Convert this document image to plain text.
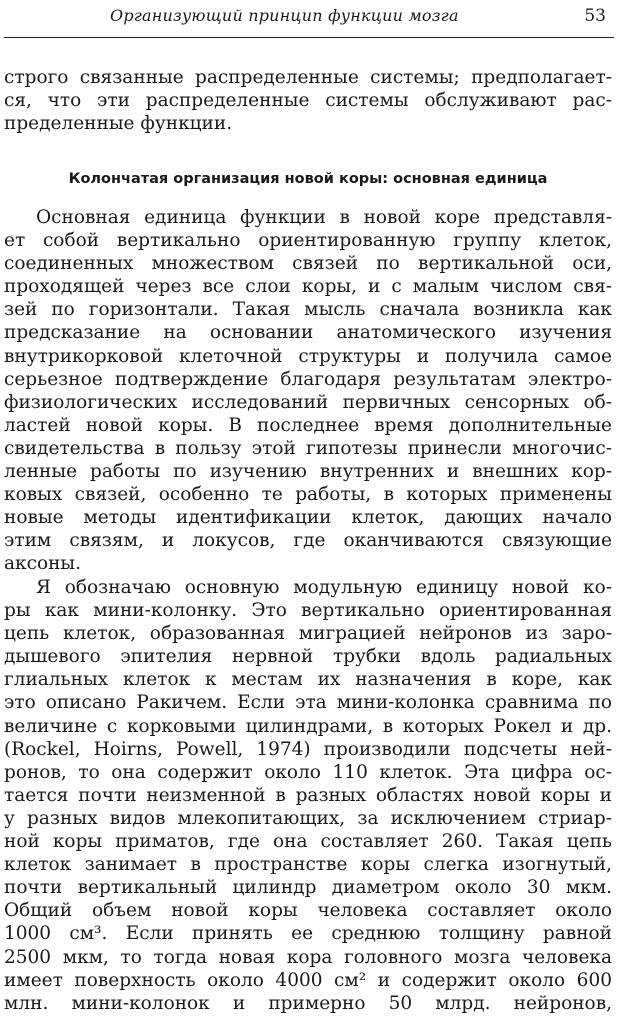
Организующий принцип функции мозга	53
строго связанные распределенные системы; предполагает-
ся, что эти распределенные системы обслуживают рас-
пределенные функции.
Колончатая организация новой коры: основная единица
Основная единица функции в новой коре представля-
ет собой вертикально ориентированную группу клеток,
соединенных множеством связей по вертикальной оси,
проходящей через все слои коры, и с малым числом свя-
зей по горизонтали. Такая мысль сначала возникла как
предсказание на основании анатомического изучения
внутрикорковой клеточной структуры и получила самое
серьезное подтверждение благодаря результатам электро-
физиологических исследований первичных сенсорных об-
ластей новой коры. В последнее время дополнительные
свидетельства в пользу этой гипотезы принесли многочис-
ленные работы по изучению внутренних и внешних кор-
ковых связей, особенно те работы, в которых применены
новые методы идентификации клеток, дающих начало
этим связям, и локусов, где оканчиваются связующие
аксоны.
Я обозначаю основную модульную единицу новой ко-
ры как мини-колонку. Это вертикально ориентированная
цепь клеток, образованная миграцией нейронов из заро-
дышевого эпителия нервной трубки вдоль радиальных
глиальных клеток к местам их назначения в коре, как
это описано Ракичем. Если эта мини-колонка сравнима по
величине с корковыми цилиндрами, в которых Рокел и др.
(Rockel, Hoirns, Powell, 1974) производили подсчеты ней-
ронов, то она содержит около 110 клеток. Эта цифра ос-
тается почти неизменной в разных областях новой коры и
у разных видов млекопитающих, за исключением стриар-
ной коры приматов, где она составляет 260. Такая цепь
клеток занимает в пространстве коры слегка изогнутый,
почти вертикальный цилиндр диаметром около 30 мкм.
Общий объем новой коры человека составляет около
1000 см³. Если принять ее среднюю толщину равной
2500 мкм, то тогда новая кора головного мозга человека
имеет поверхность около 4000 см² и содержит около 600
млн. мини-колонок и примерно 50 млрд. нейронов,
